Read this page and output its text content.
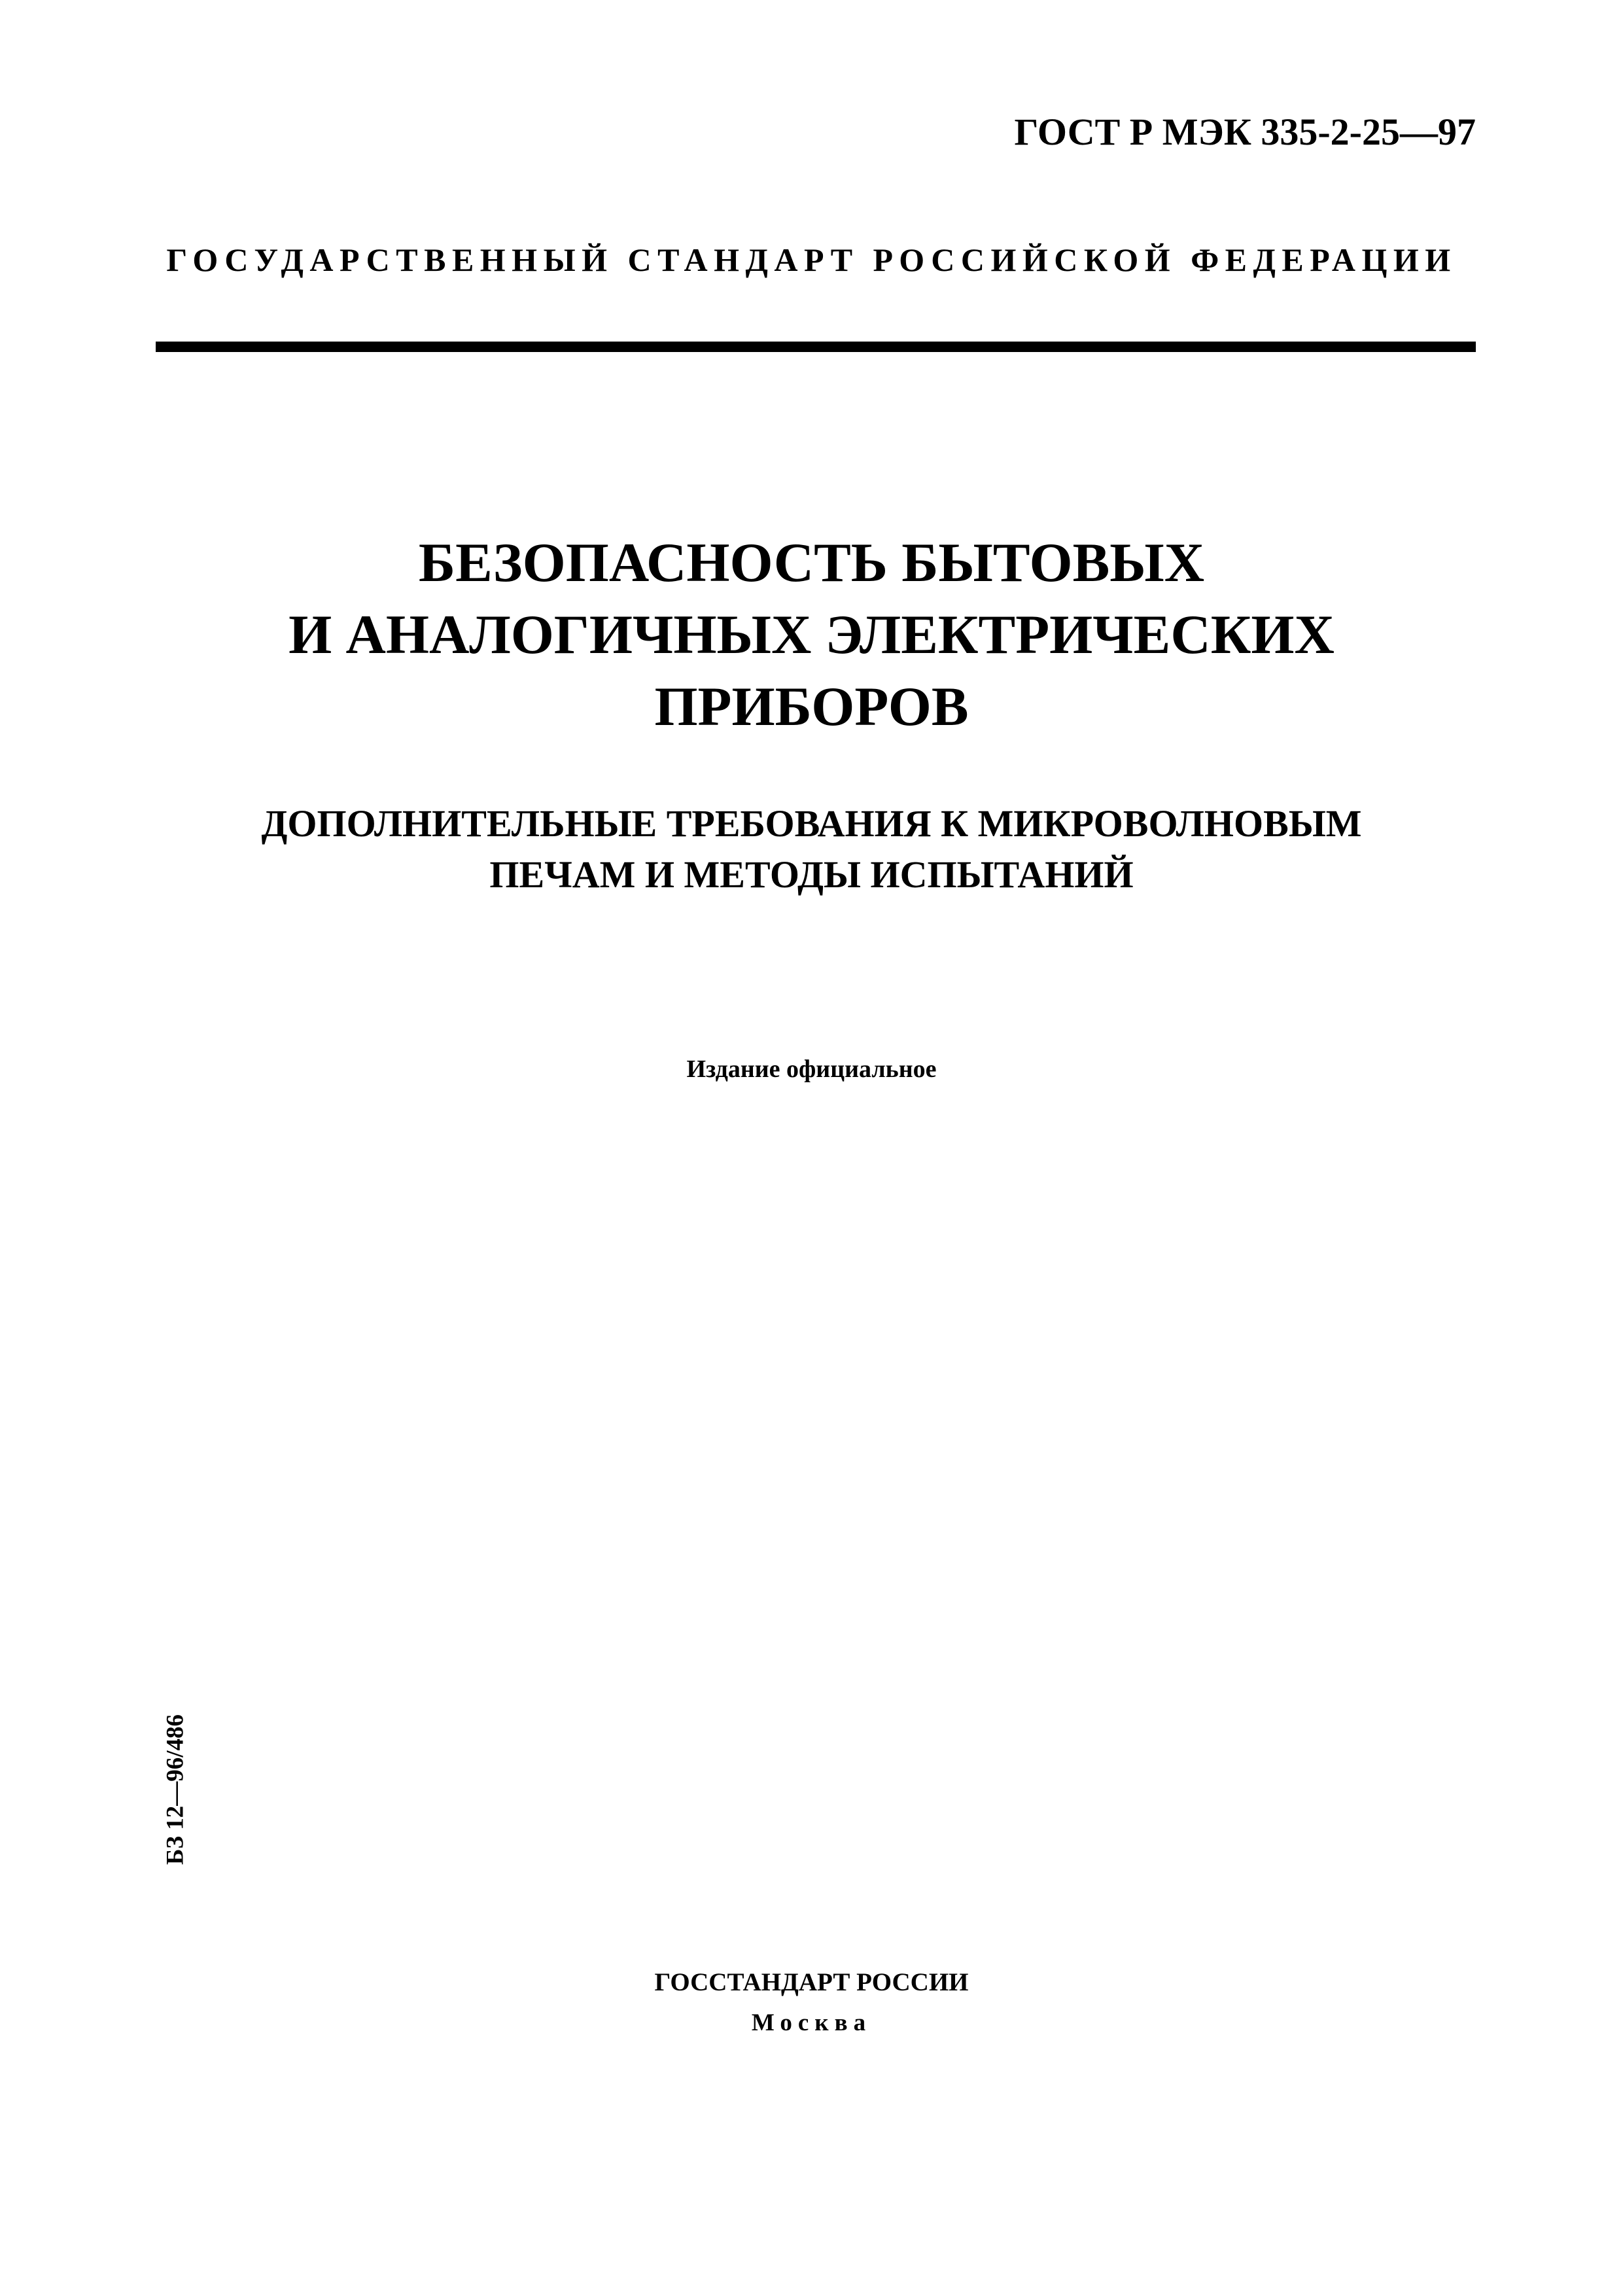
ГОСТ Р МЭК 335-2-25—97
ГОСУДАРСТВЕННЫЙ СТАНДАРТ РОССИЙСКОЙ ФЕДЕРАЦИИ
БЕЗОПАСНОСТЬ БЫТОВЫХ
И АНАЛОГИЧНЫХ ЭЛЕКТРИЧЕСКИХ
ПРИБОРОВ
ДОПОЛНИТЕЛЬНЫЕ ТРЕБОВАНИЯ К МИКРОВОЛНОВЫМ
ПЕЧАМ И МЕТОДЫ ИСПЫТАНИЙ
Издание официальное
БЗ 12—96/486
ГОССТАНДАРТ РОССИИ
Москва
